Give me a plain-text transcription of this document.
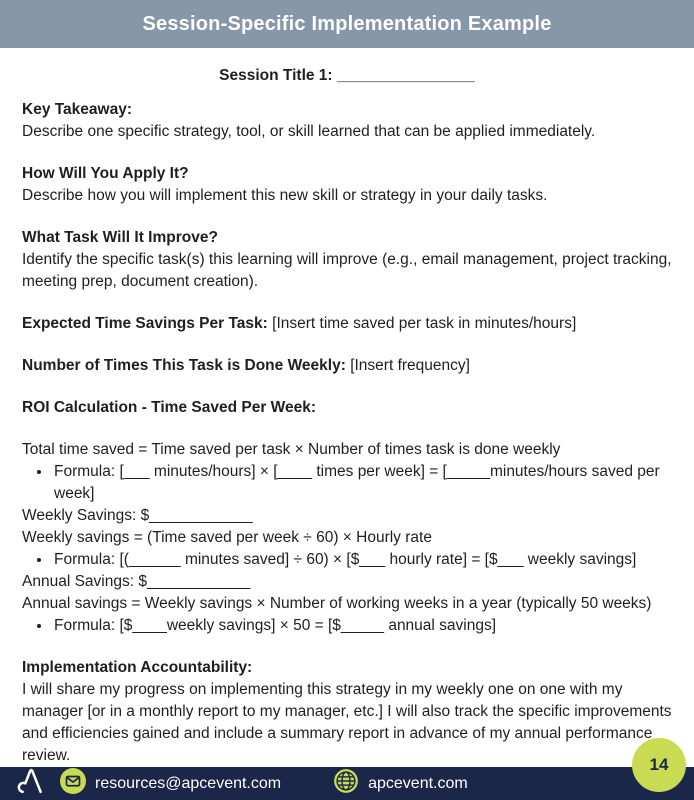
Session-Specific Implementation Example
Session Title 1: ________________
Key Takeaway:

Describe one specific strategy, tool, or skill learned that can be applied immediately.

How Will You Apply It?

Describe how you will implement this new skill or strategy in your daily tasks.

What Task Will It Improve?

Identify the specific task(s) this learning will improve (e.g., email management, project tracking, meeting prep, document creation).

Expected Time Savings Per Task: [Insert time saved per task in minutes/hours]
Number of Times This Task is Done Weekly: [Insert frequency]
ROI Calculation - Time Saved Per Week:
Total time saved = Time saved per task × Number of times task is done weekly
• Formula: [___ minutes/hours] × [____ times per week] = [_____minutes/hours saved per week]
Weekly Savings: $____________
Weekly savings = (Time saved per week ÷ 60) × Hourly rate
• Formula: [(______ minutes saved] ÷ 60) × [$___ hourly rate] = [$___ weekly savings]
Annual Savings: $____________
Annual savings = Weekly savings × Number of working weeks in a year (typically 50 weeks)
• Formula: [$____weekly savings] × 50 = [$_____ annual savings]
Implementation Accountability:

I will share my progress on implementing this strategy in my weekly one on one with my manager [or in a monthly report to my manager, etc.] I will also track the specific improvements and efficiencies gained and include a summary report in advance of my annual performance review.

resources@apcevent.com	apcevent.com
14
